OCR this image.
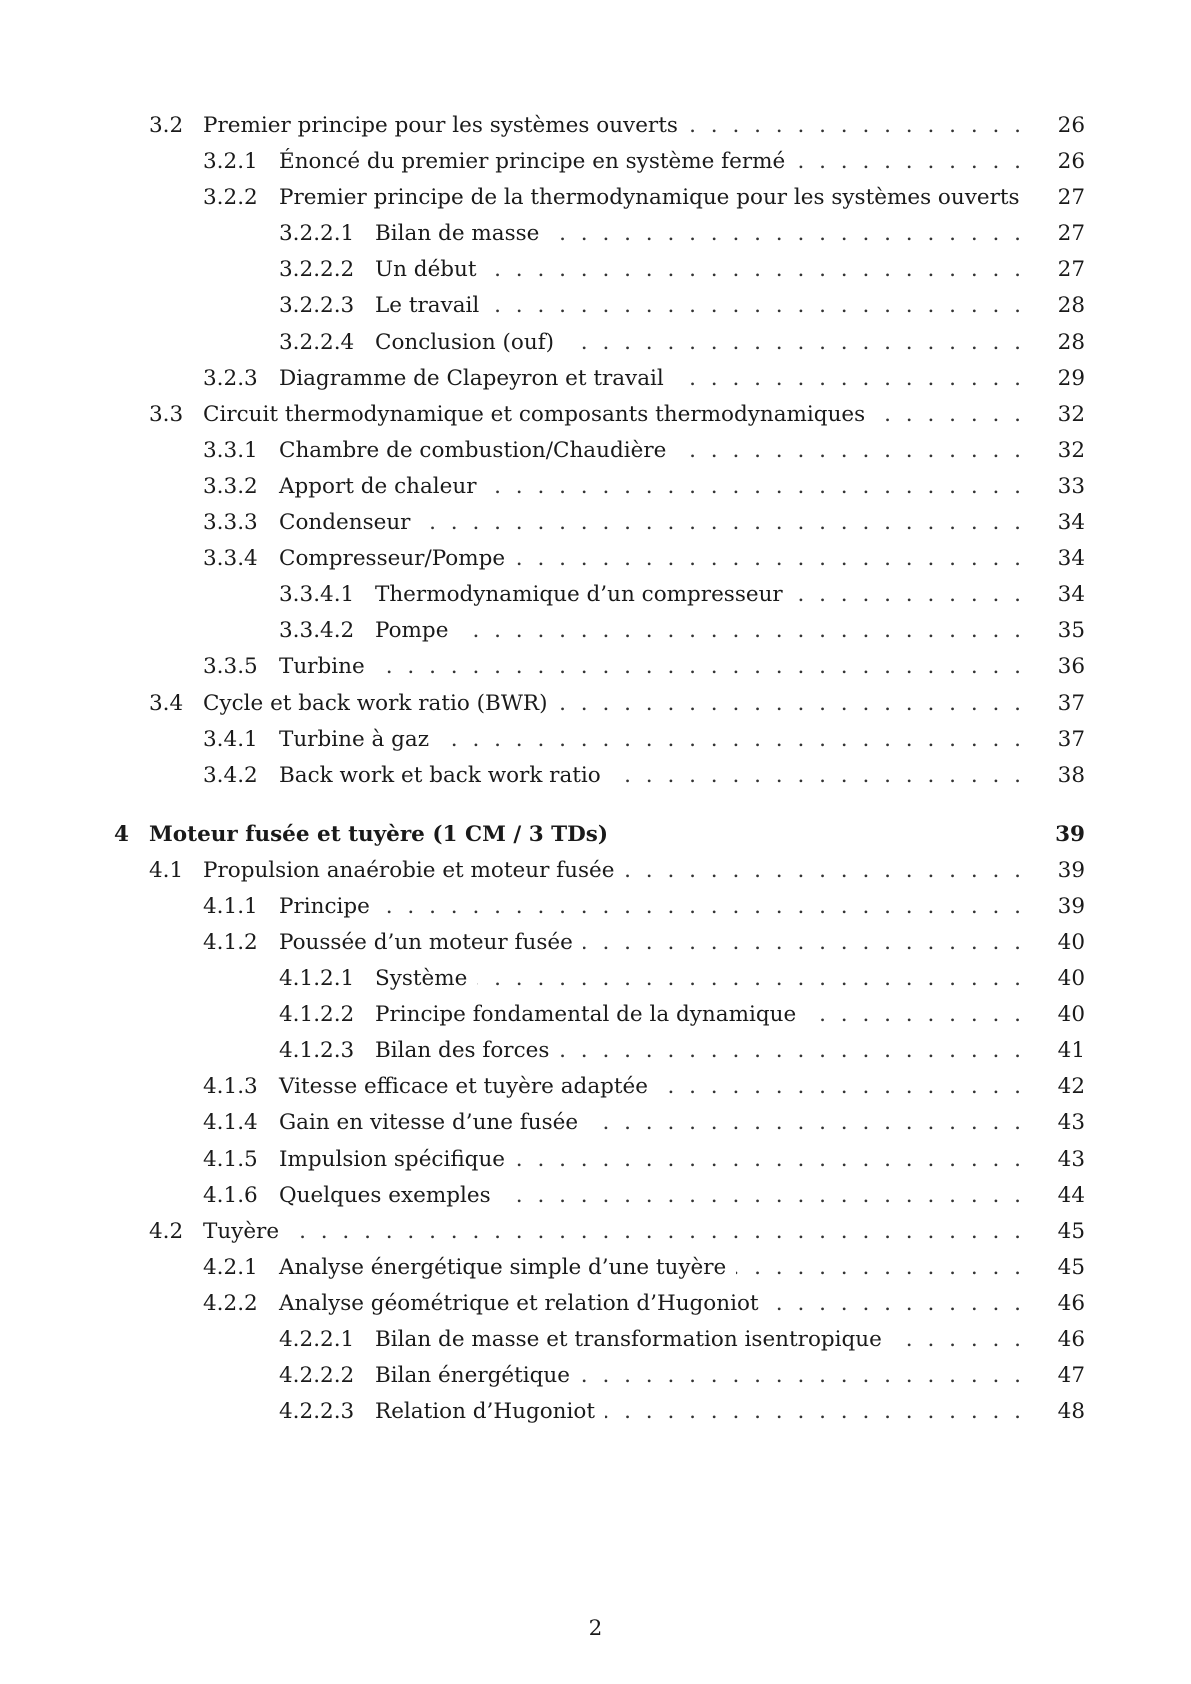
3.2 . . . Premier principe pour les systèmes ouverts	26
3.2.1 . . . Énoncé du premier principe en système fermé	26
3.2.2 Premier principe de la thermodynamique pour les systèmes ouverts	27
3.2.2.1 . . . Bilan de masse	27
3.2.2.2 . . . Un début	27
3.2.2.3 . . . Le travail	28
3.2.2.4 . . . Conclusion (ouf)	28
3.2.3 . . . Diagramme de Clapeyron et travail	29
3.3 . . . Circuit thermodynamique et composants thermodynamiques	32
3.3.1 . . . Chambre de combustion/Chaudière	32
3.3.2 . . . Apport de chaleur	33
3.3.3 . . . Condenseur	34
3.3.4 . . . Compresseur/Pompe	34
3.3.4.1 . . . Thermodynamique d’un compresseur	34
3.3.4.2 . . . Pompe	35
3.3.5 . . . Turbine	36
3.4 . . . Cycle et back work ratio (BWR)	37
3.4.1 . . . Turbine à gaz	37
3.4.2 . . . Back work et back work ratio	38
4 Moteur fusée et tuyère (1 CM / 3 TDs)	39
4.1 . . . Propulsion anaérobie et moteur fusée	39
4.1.1 . . . Principe	39
4.1.2 . . . Poussée d’un moteur fusée	40
4.1.2.1 . . . Système	40
4.1.2.2 . . . Principe fondamental de la dynamique	40
4.1.2.3 . . . Bilan des forces	41
4.1.3 . . . Vitesse efficace et tuyère adaptée	42
4.1.4 . . . Gain en vitesse d’une fusée	43
4.1.5 . . . Impulsion spécifique	43
4.1.6 . . . Quelques exemples	44
4.2 . . . Tuyère	45
4.2.1 . . . Analyse énergétique simple d’une tuyère	45
4.2.2 . . . Analyse géométrique et relation d’Hugoniot	46
4.2.2.1 . . . Bilan de masse et transformation isentropique	46
4.2.2.2 . . . Bilan énergétique	47
4.2.2.3 . . . Relation d’Hugoniot	48
2
